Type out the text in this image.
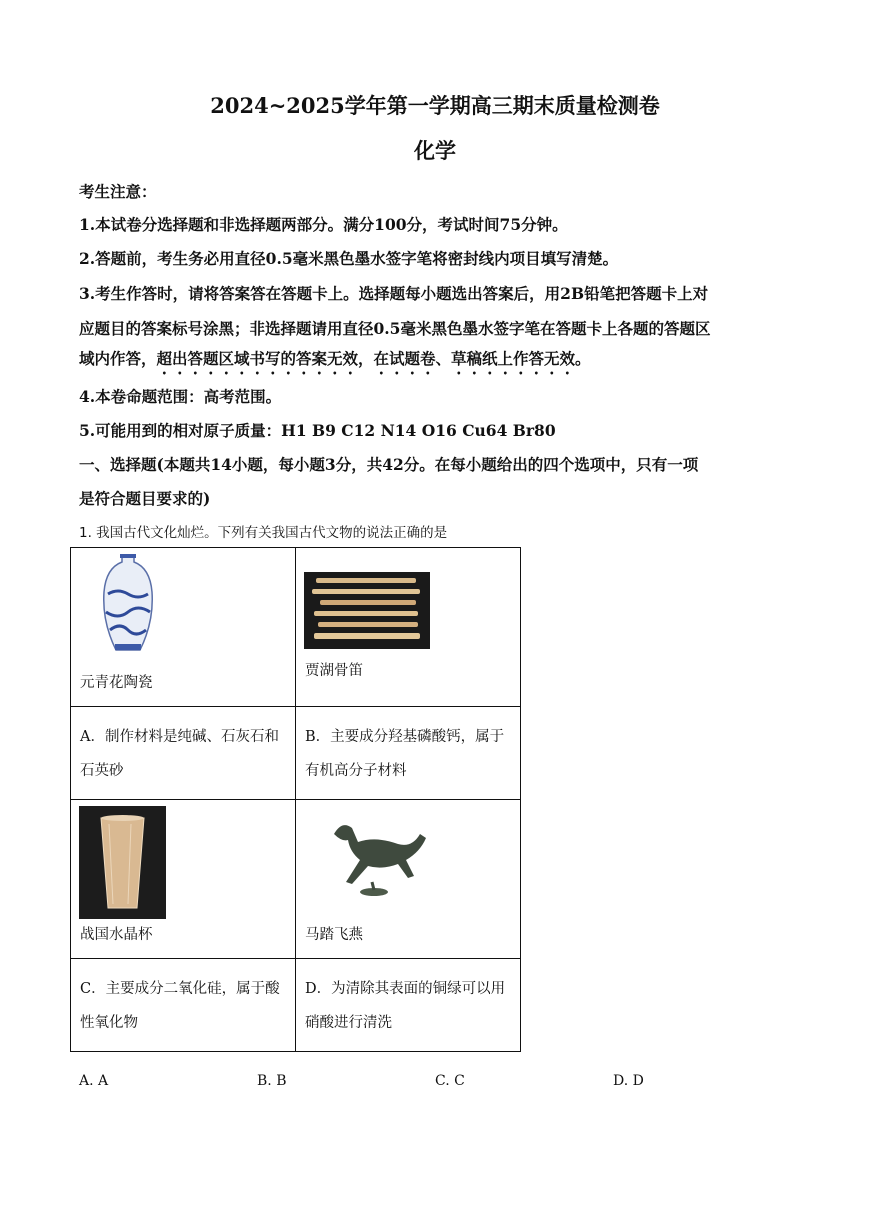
2024~2025学年第一学期高三期末质量检测卷
化学
考生注意：
1.本试卷分选择题和非选择题两部分。满分100分，考试时间75分钟。
2.答题前，考生务必用直径0.5毫米黑色墨水签字笔将密封线内项目填写清楚。
3.考生作答时，请将答案答在答题卡上。选择题每小题选出答案后，用2B铅笔把答题卡上对
应题目的答案标号涂黑；非选择题请用直径0.5毫米黑色墨水签字笔在答题卡上各题的答题区
域内作答，超出答题区域书写的答案无效，在试题卷、草稿纸上作答无效。
4.本卷命题范围：高考范围。
5.可能用到的相对原子质量：H1 B9 C12 N14 O16 Cu64 Br80
一、选择题(本题共14小题，每小题3分，共42分。在每小题给出的四个选项中，只有一项
是符合题目要求的)
1. 我国古代文化灿烂。下列有关我国古代文物的说法正确的是
元青花陶瓷	贾湖骨笛

A．制作材料是纯碱、石灰石和石英砂	B．主要成分羟基磷酸钙，属于有机高分子材料

战国水晶杯	马踏飞燕

C．主要成分二氧化硅，属于酸性氧化物	D．为清除其表面的铜绿可以用硝酸进行清洗
A. A	B. B	C. C	D. D
